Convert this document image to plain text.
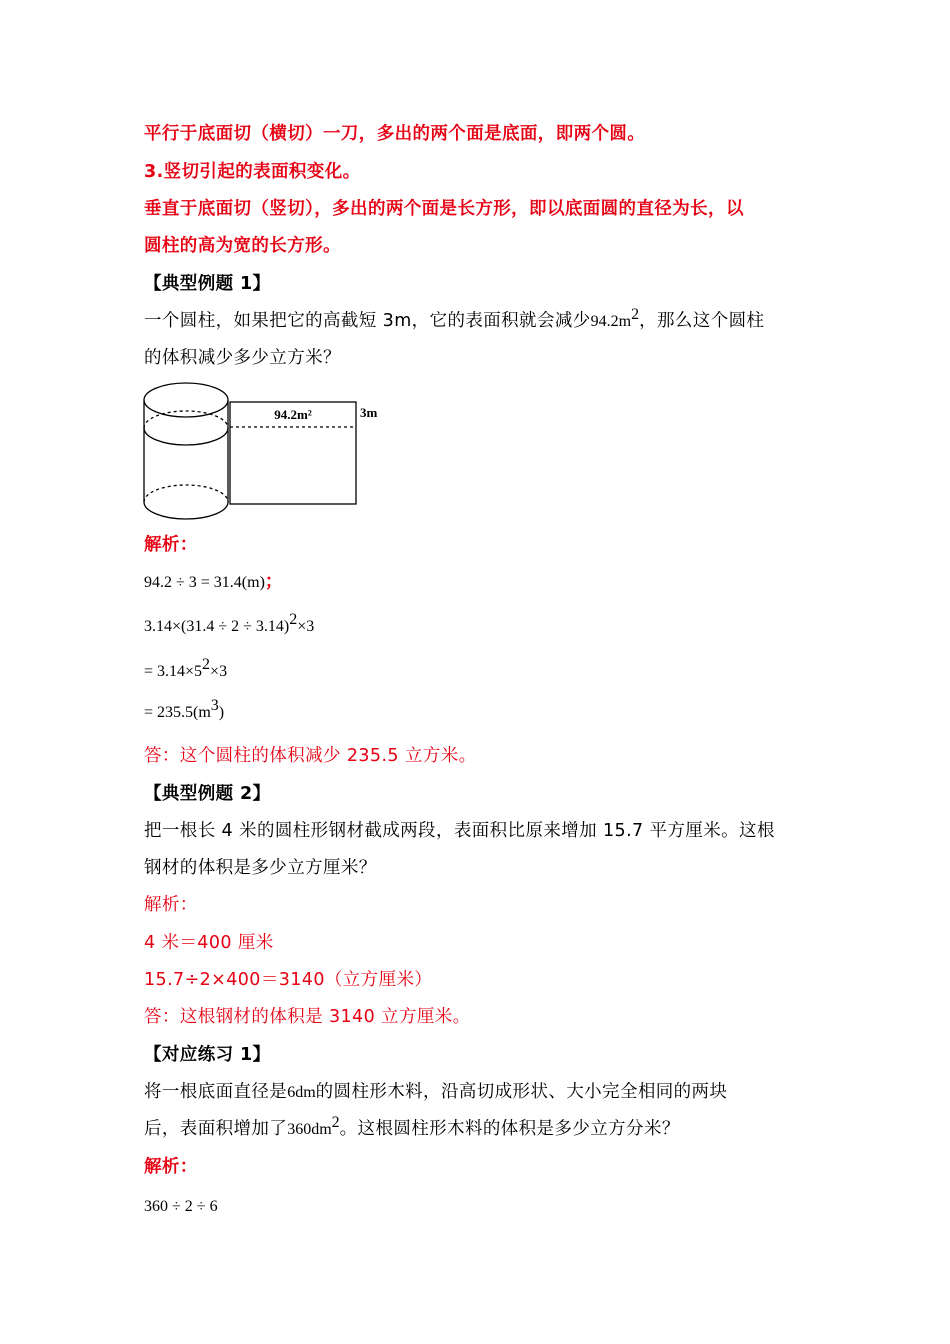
平行于底面切（横切）一刀，多出的两个面是底面，即两个圆。
3.竖切引起的表面积变化。
垂直于底面切（竖切），多出的两个面是长方形，即以底面圆的直径为长，以
圆柱的高为宽的长方形。
【典型例题 1】
一个圆柱，如果把它的高截短 3m，它的表面积就会减少$94.2m^2$，那么这个圆柱
的体积减少多少立方米？
94.2m²	3m
解析：
94.2 ÷ 3 = 31.4(m)；
$3.14\times(31.4 \div 2 \div 3.14)^2\times 3$
= $3.14\times 5^2\times 3$
= $235.5(m^3)$
答：这个圆柱的体积减少 235.5 立方米。
【典型例题 2】
把一根长 4 米的圆柱形钢材截成两段，表面积比原来增加 15.7 平方厘米。这根
钢材的体积是多少立方厘米？
解析：
4 米＝400 厘米
15.7÷2×400＝3140（立方厘米）
答：这根钢材的体积是 3140 立方厘米。
【对应练习 1】
将一根底面直径是6dm的圆柱形木料，沿高切成形状、大小完全相同的两块
后，表面积增加了$360dm^2$。这根圆柱形木料的体积是多少立方分米？
解析：
360 ÷ 2 ÷ 6
